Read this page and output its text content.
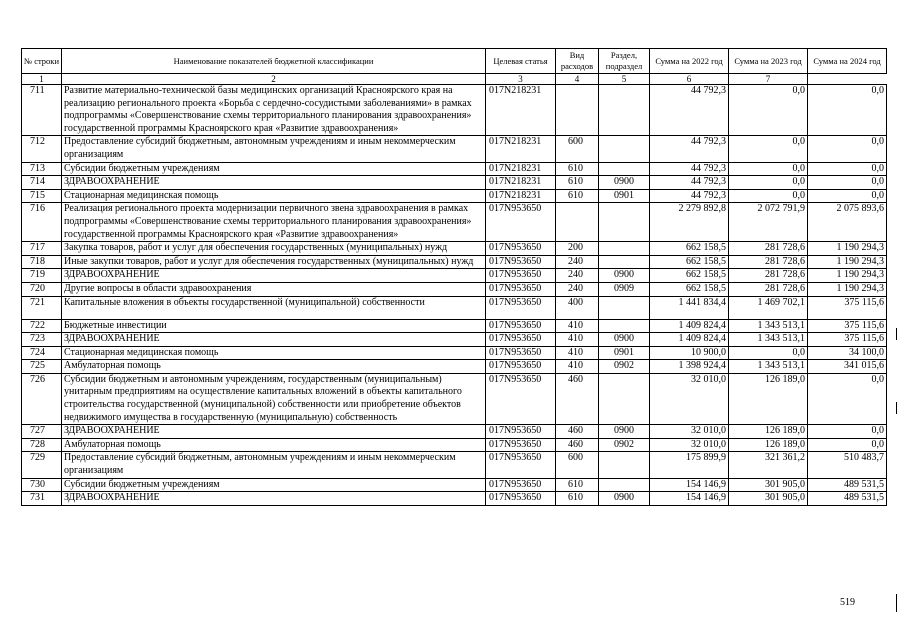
№ строки	Наименование показателей бюджетной классификации	Целевая статья	Вид расходов	Раздел, подраздел	Сумма на 2022 год	Сумма на 2023 год	Сумма на 2024 год
1	2	3	4	5	6	7	
711	Развитие материально-технической базы медицинских организаций Красноярского края на реализацию регионального проекта «Борьба с сердечно-сосудистыми заболеваниями» в рамках подпрограммы «Совершенствование схемы территориального планирования здравоохранения» государственной программы Красноярского края «Развитие здравоохранения»	017N218231			44 792,3	0,0	0,0
712	Предоставление субсидий бюджетным, автономным учреждениям и иным некоммерческим организациям	017N218231	600		44 792,3	0,0	0,0
713	Субсидии бюджетным учреждениям	017N218231	610		44 792,3	0,0	0,0
714	ЗДРАВООХРАНЕНИЕ	017N218231	610	0900	44 792,3	0,0	0,0
715	Стационарная медицинская помощь	017N218231	610	0901	44 792,3	0,0	0,0
716	Реализация регионального проекта модернизации первичного звена здравоохранения в рамках подпрограммы «Совершенствование схемы территориального планирования здравоохранения» государственной программы Красноярского края «Развитие здравоохранения»	017N953650			2 279 892,8	2 072 791,9	2 075 893,6
717	Закупка товаров, работ и услуг для обеспечения государственных (муниципальных) нужд	017N953650	200		662 158,5	281 728,6	1 190 294,3
718	Иные закупки товаров, работ и услуг для обеспечения государственных (муниципальных) нужд	017N953650	240		662 158,5	281 728,6	1 190 294,3
719	ЗДРАВООХРАНЕНИЕ	017N953650	240	0900	662 158,5	281 728,6	1 190 294,3
720	Другие вопросы в области здравоохранения	017N953650	240	0909	662 158,5	281 728,6	1 190 294,3
721	Капитальные вложения в объекты государственной (муниципальной) собственности	017N953650	400		1 441 834,4	1 469 702,1	375 115,6
722	Бюджетные инвестиции	017N953650	410		1 409 824,4	1 343 513,1	375 115,6
723	ЗДРАВООХРАНЕНИЕ	017N953650	410	0900	1 409 824,4	1 343 513,1	375 115,6
724	Стационарная медицинская помощь	017N953650	410	0901	10 900,0	0,0	34 100,0
725	Амбулаторная помощь	017N953650	410	0902	1 398 924,4	1 343 513,1	341 015,6
726	Субсидии бюджетным и автономным учреждениям, государственным (муниципальным) унитарным предприятиям на осуществление капитальных вложений в объекты капитального строительства государственной (муниципальной) собственности или приобретение объектов недвижимого имущества в государственную (муниципальную) собственность	017N953650	460		32 010,0	126 189,0	0,0
727	ЗДРАВООХРАНЕНИЕ	017N953650	460	0900	32 010,0	126 189,0	0,0
728	Амбулаторная помощь	017N953650	460	0902	32 010,0	126 189,0	0,0
729	Предоставление субсидий бюджетным, автономным учреждениям и иным некоммерческим организациям	017N953650	600		175 899,9	321 361,2	510 483,7
730	Субсидии бюджетным учреждениям	017N953650	610		154 146,9	301 905,0	489 531,5
731	ЗДРАВООХРАНЕНИЕ	017N953650	610	0900	154 146,9	301 905,0	489 531,5
519
